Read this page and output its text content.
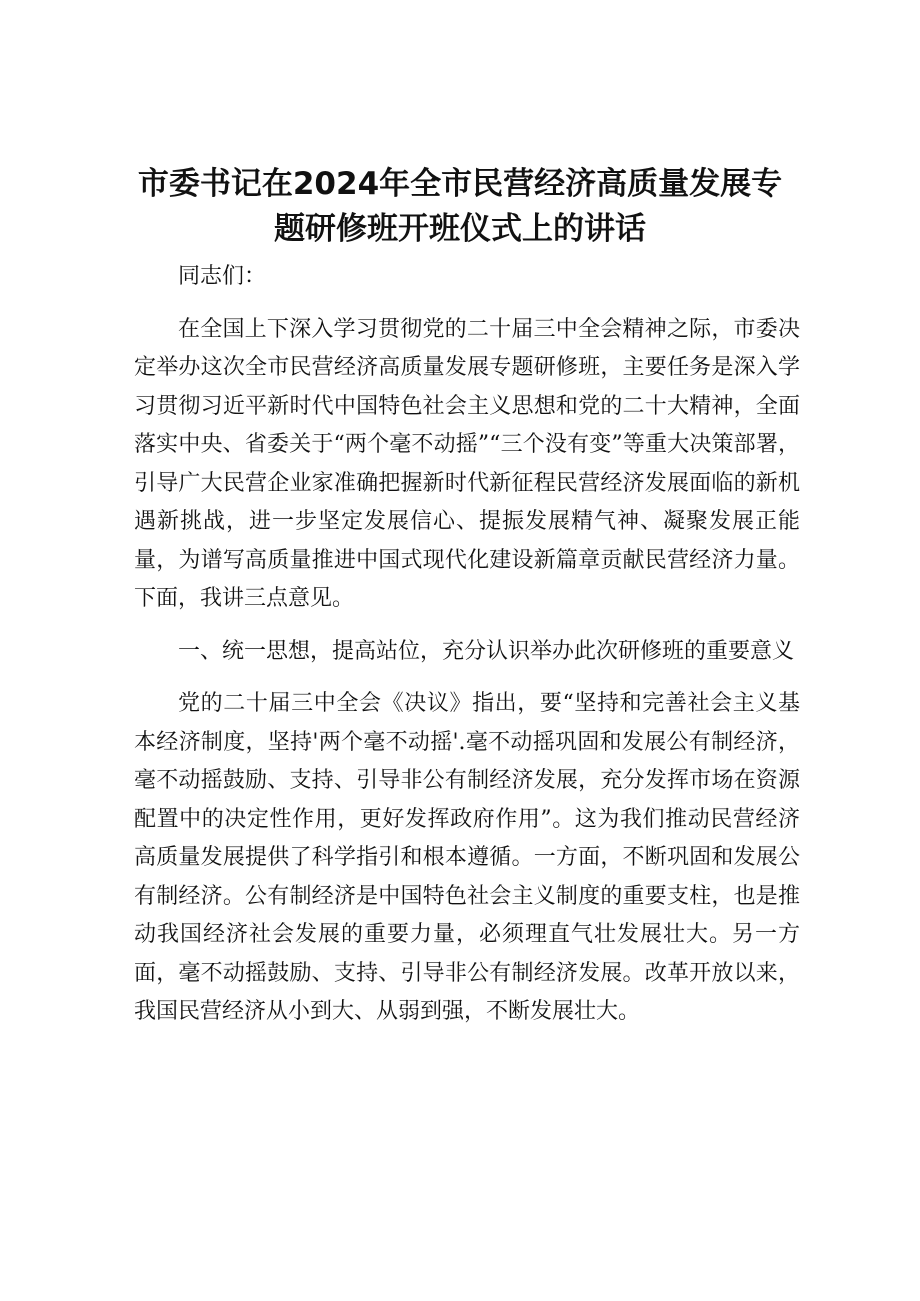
市委书记在2024年全市民营经济高质量发展专
题研修班开班仪式上的讲话

同志们：

在全国上下深入学习贯彻党的二十届三中全会精神之际，市委决定举办这次全市民营经济高质量发展专题研修班，主要任务是深入学习贯彻习近平新时代中国特色社会主义思想和党的二十大精神，全面落实中央、省委关于“两个毫不动摇”“三个没有变”等重大决策部署，引导广大民营企业家准确把握新时代新征程民营经济发展面临的新机遇新挑战，进一步坚定发展信心、提振发展精气神、凝聚发展正能量，为谱写高质量推进中国式现代化建设新篇章贡献民营经济力量。下面，我讲三点意见。

一、统一思想，提高站位，充分认识举办此次研修班的重要意义

党的二十届三中全会《决议》指出，要“坚持和完善社会主义基本经济制度，坚持'两个毫不动摇'.毫不动摇巩固和发展公有制经济，毫不动摇鼓励、支持、引导非公有制经济发展，充分发挥市场在资源配置中的决定性作用，更好发挥政府作用”。这为我们推动民营经济高质量发展提供了科学指引和根本遵循。一方面，不断巩固和发展公有制经济。公有制经济是中国特色社会主义制度的重要支柱，也是推动我国经济社会发展的重要力量，必须理直气壮发展壮大。另一方面，毫不动摇鼓励、支持、引导非公有制经济发展。改革开放以来，我国民营经济从小到大、从弱到强，不断发展壮大。
